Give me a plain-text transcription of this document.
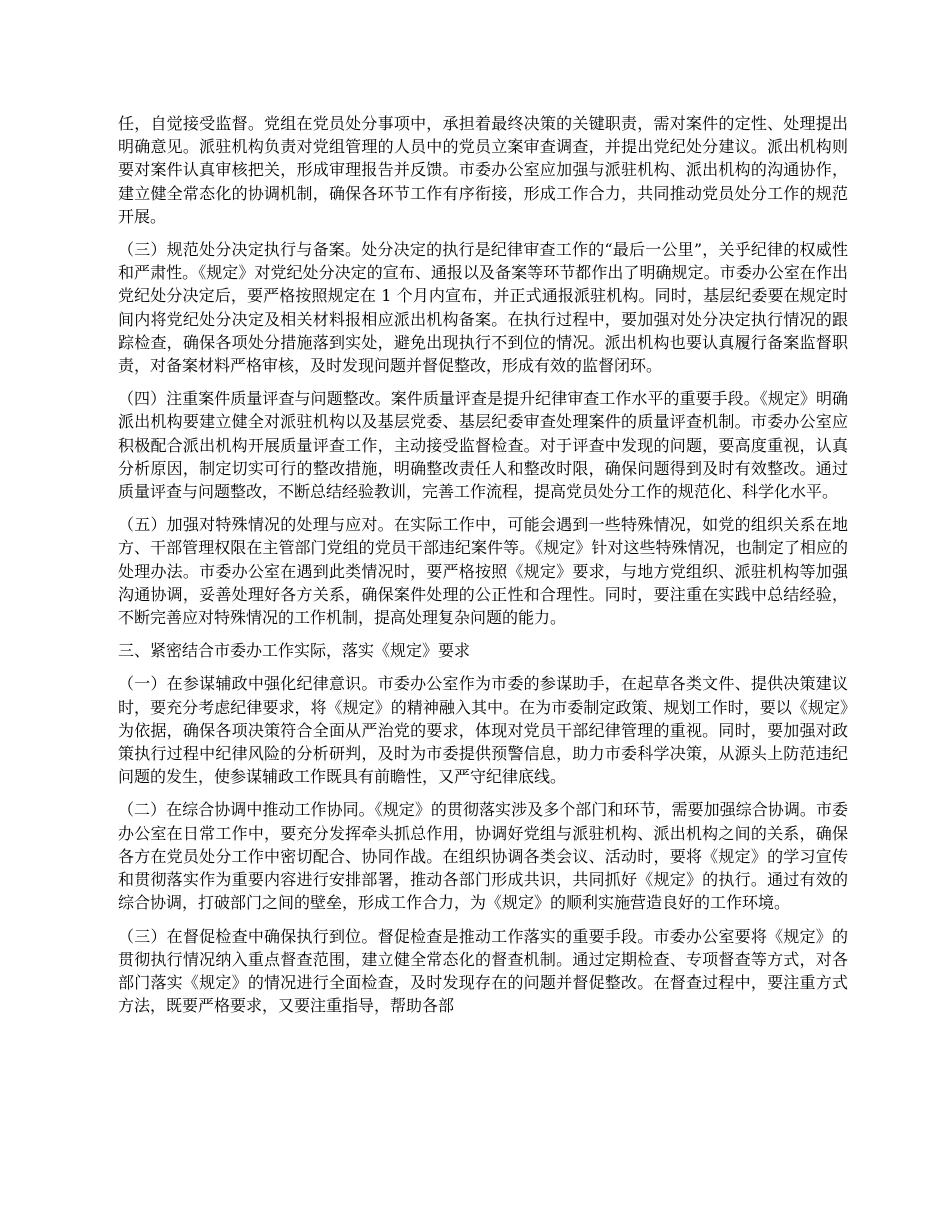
任，自觉接受监督。党组在党员处分事项中，承担着最终决策的关键职责，需对案件的定性、处理提出明确意见。派驻机构负责对党组管理的人员中的党员立案审查调查，并提出党纪处分建议。派出机构则要对案件认真审核把关，形成审理报告并反馈。市委办公室应加强与派驻机构、派出机构的沟通协作，建立健全常态化的协调机制，确保各环节工作有序衔接，形成工作合力，共同推动党员处分工作的规范开展。

（三）规范处分决定执行与备案。处分决定的执行是纪律审查工作的“最后一公里”，关乎纪律的权威性和严肃性。《规定》对党纪处分决定的宣布、通报以及备案等环节都作出了明确规定。市委办公室在作出党纪处分决定后，要严格按照规定在 1 个月内宣布，并正式通报派驻机构。同时，基层纪委要在规定时间内将党纪处分决定及相关材料报相应派出机构备案。在执行过程中，要加强对处分决定执行情况的跟踪检查，确保各项处分措施落到实处，避免出现执行不到位的情况。派出机构也要认真履行备案监督职责，对备案材料严格审核，及时发现问题并督促整改，形成有效的监督闭环。

（四）注重案件质量评查与问题整改。案件质量评查是提升纪律审查工作水平的重要手段。《规定》明确派出机构要建立健全对派驻机构以及基层党委、基层纪委审查处理案件的质量评查机制。市委办公室应积极配合派出机构开展质量评查工作，主动接受监督检查。对于评查中发现的问题，要高度重视，认真分析原因，制定切实可行的整改措施，明确整改责任人和整改时限，确保问题得到及时有效整改。通过质量评查与问题整改，不断总结经验教训，完善工作流程，提高党员处分工作的规范化、科学化水平。

（五）加强对特殊情况的处理与应对。在实际工作中，可能会遇到一些特殊情况，如党的组织关系在地方、干部管理权限在主管部门党组的党员干部违纪案件等。《规定》针对这些特殊情况，也制定了相应的处理办法。市委办公室在遇到此类情况时，要严格按照《规定》要求，与地方党组织、派驻机构等加强沟通协调，妥善处理好各方关系，确保案件处理的公正性和合理性。同时，要注重在实践中总结经验，不断完善应对特殊情况的工作机制，提高处理复杂问题的能力。

三、紧密结合市委办工作实际，落实《规定》要求

（一）在参谋辅政中强化纪律意识。市委办公室作为市委的参谋助手，在起草各类文件、提供决策建议时，要充分考虑纪律要求，将《规定》的精神融入其中。在为市委制定政策、规划工作时，要以《规定》为依据，确保各项决策符合全面从严治党的要求，体现对党员干部纪律管理的重视。同时，要加强对政策执行过程中纪律风险的分析研判，及时为市委提供预警信息，助力市委科学决策，从源头上防范违纪问题的发生，使参谋辅政工作既具有前瞻性，又严守纪律底线。

（二）在综合协调中推动工作协同。《规定》的贯彻落实涉及多个部门和环节，需要加强综合协调。市委办公室在日常工作中，要充分发挥牵头抓总作用，协调好党组与派驻机构、派出机构之间的关系，确保各方在党员处分工作中密切配合、协同作战。在组织协调各类会议、活动时，要将《规定》的学习宣传和贯彻落实作为重要内容进行安排部署，推动各部门形成共识，共同抓好《规定》的执行。通过有效的综合协调，打破部门之间的壁垒，形成工作合力，为《规定》的顺利实施营造良好的工作环境。

（三）在督促检查中确保执行到位。督促检查是推动工作落实的重要手段。市委办公室要将《规定》的贯彻执行情况纳入重点督查范围，建立健全常态化的督查机制。通过定期检查、专项督查等方式，对各部门落实《规定》的情况进行全面检查，及时发现存在的问题并督促整改。在督查过程中，要注重方式方法，既要严格要求，又要注重指导，帮助各部
